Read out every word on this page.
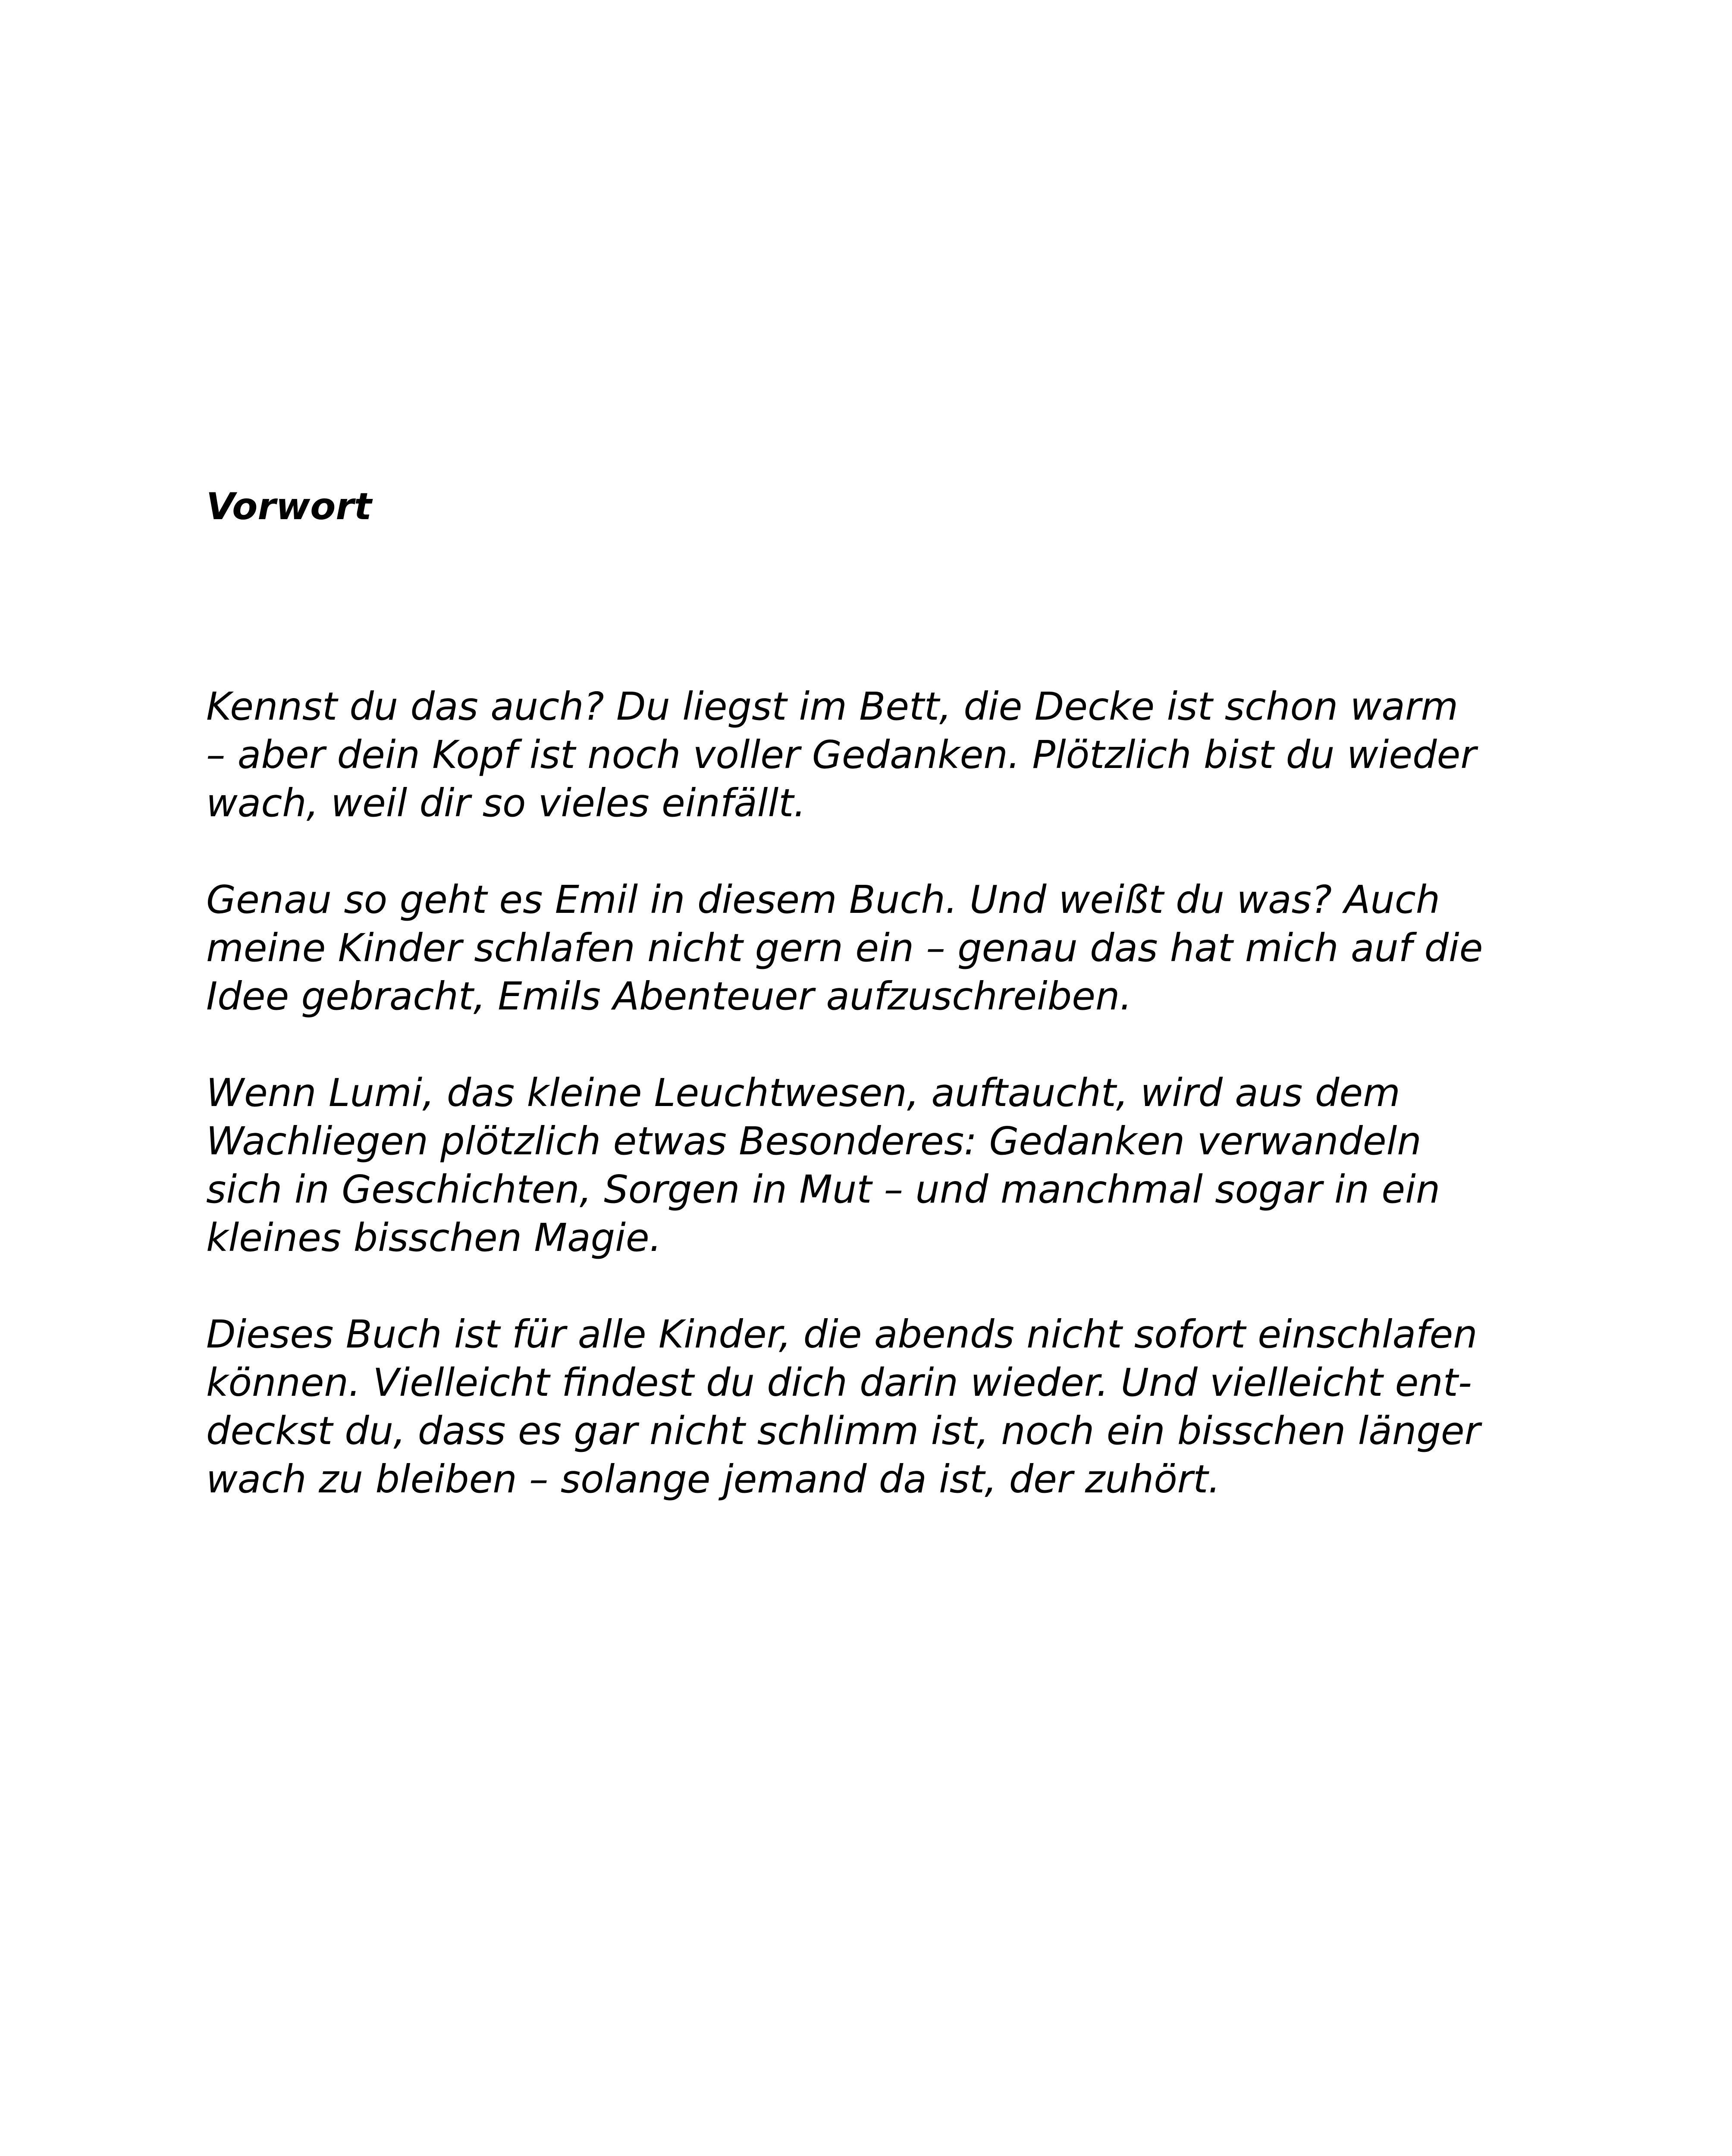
Vorwort

Kennst du das auch? Du liegst im Bett, die Decke ist schon warm
– aber dein Kopf ist noch voller Gedanken. Plötzlich bist du wieder
wach, weil dir so vieles einfällt.

Genau so geht es Emil in diesem Buch. Und weißt du was? Auch
meine Kinder schlafen nicht gern ein – genau das hat mich auf die
Idee gebracht, Emils Abenteuer aufzuschreiben.

Wenn Lumi, das kleine Leuchtwesen, auftaucht, wird aus dem
Wachliegen plötzlich etwas Besonderes: Gedanken verwandeln
sich in Geschichten, Sorgen in Mut – und manchmal sogar in ein
kleines bisschen Magie.

Dieses Buch ist für alle Kinder, die abends nicht sofort einschlafen
können. Vielleicht findest du dich darin wieder. Und vielleicht ent-
deckst du, dass es gar nicht schlimm ist, noch ein bisschen länger
wach zu bleiben – solange jemand da ist, der zuhört.
